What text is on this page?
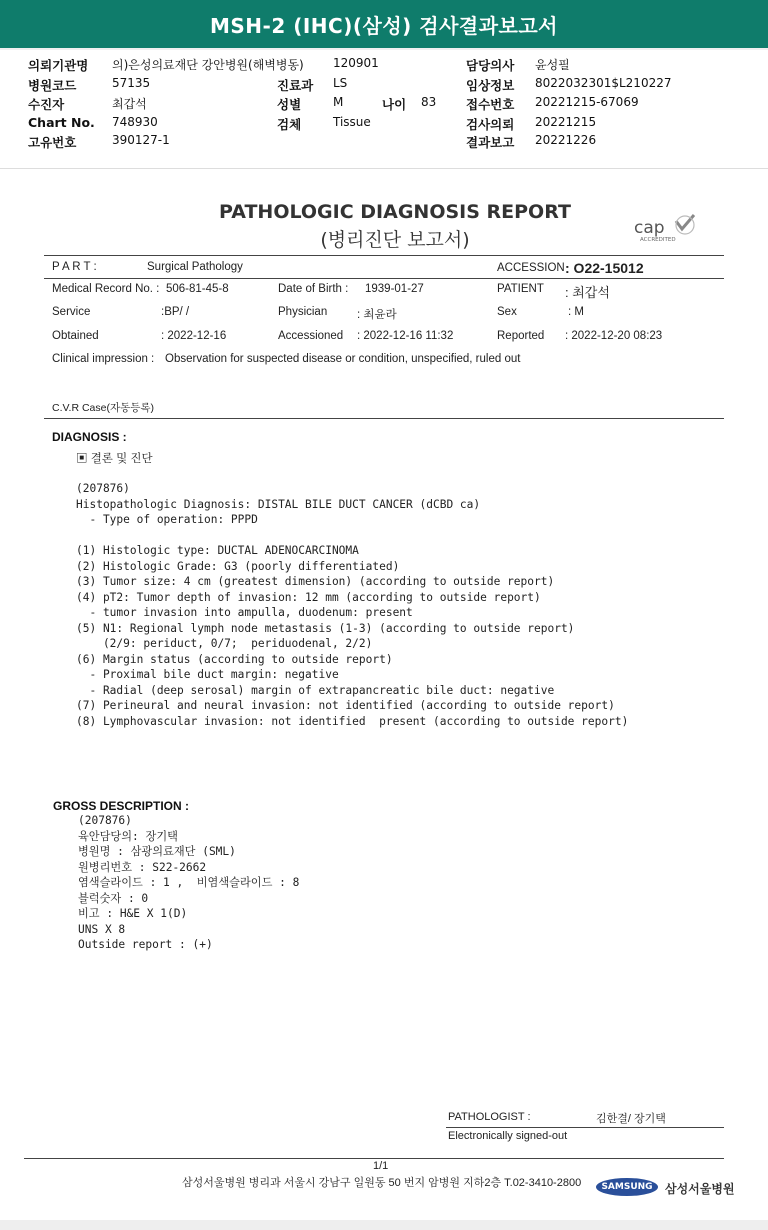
MSH-2 (IHC)(삼성) 검사결과보고서
의뢰기관명 의)은성의료재단 강안병원(해벽병동) 120901	담당의사 윤성필
병원코드	57135	진료과 LS	임상정보 8022032301$L210227
수진자	최갑석	성별	M	나이 83 접수번호 20221215-67069
Chart No. 748930	검체	Tissue	검사의뢰 20221215
고유번호	390127-1	결과보고 20221226
PATHOLOGIC DIAGNOSIS REPORT
(병리진단 보고서)
cap
ACCREDITED
P A R T :	Surgical Pathology	ACCESSION : O22-15012
Medical Record No. : 506-81-45-8	Date of Birth : 1939-01-27	PATIENT : 최갑석
Service	:BP/ /	Physician	: 최윤라	Sex	: M
Obtained	: 2022-12-16	Accessioned : 2022-12-16 11:32	Reported : 2022-12-20 08:23
Clinical impression : Observation for suspected disease or condition, unspecified, ruled out
C.V.R Case(자동등록)
DIAGNOSIS :
▣ 결론 및 진단
(207876)
Histopathologic Diagnosis: DISTAL BILE DUCT CANCER (dCBD ca)
- Type of operation: PPPD

(1) Histologic type: DUCTAL ADENOCARCINOMA
(2) Histologic Grade: G3 (poorly differentiated)
(3) Tumor size: 4 cm (greatest dimension) (according to outside report)
(4) pT2: Tumor depth of invasion: 12 mm (according to outside report)
- tumor invasion into ampulla, duodenum: present
(5) N1: Regional lymph node metastasis (1-3) (according to outside report)
(2/9: periduct, 0/7;  periduodenal, 2/2)
(6) Margin status (according to outside report)
- Proximal bile duct margin: negative
- Radial (deep serosal) margin of extrapancreatic bile duct: negative
(7) Perineural and neural invasion: not identified (according to outside report)
(8) Lymphovascular invasion: not identified  present (according to outside report)
GROSS DESCRIPTION :
(207876)
육안담당의: 장기택
병원명 : 삼광의료재단 (SML)
원병리번호 : S22-2662
염색슬라이드 : 1 ,  비염색슬라이드 : 8
블럭숫자 : 0
비고 : H&E X 1(D)
UNS X 8
Outside report : (+)
PATHOLOGIST :	김한결/ 장기택
Electronically signed-out
1/1
삼성서울병원 병리과 서울시 강남구 일원동 50 번지 암병원 지하2층 T.02-3410-2800	삼성서울병원
SAMSUNG
